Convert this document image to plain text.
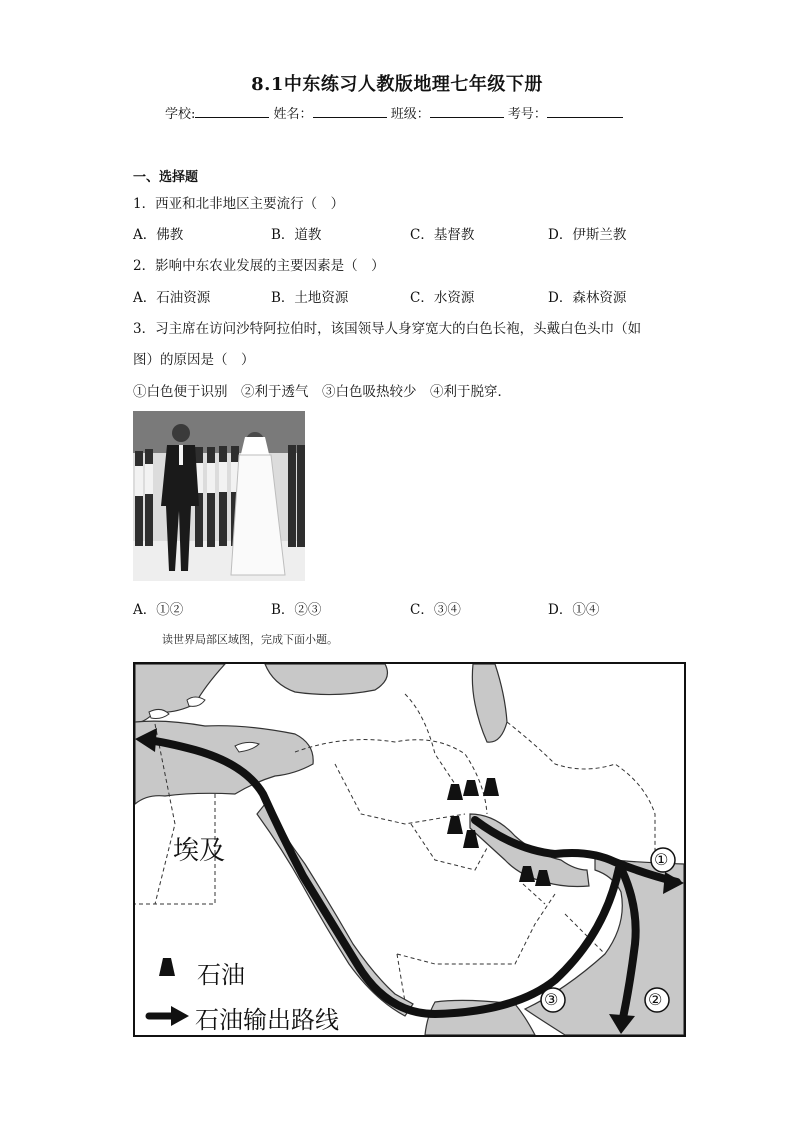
8.1中东练习人教版地理七年级下册
学校:	姓名：	班级：	考号：
一、选择题
1．西亚和北非地区主要流行（　）
A．佛教	B．道教	C．基督教	D．伊斯兰教
2．影响中东农业发展的主要因素是（　）
A．石油资源	B．土地资源	C．水资源	D．森林资源
3．习主席在访问沙特阿拉伯时，该国领导人身穿宽大的白色长袍，头戴白色头巾（如
图）的原因是（　）
①白色便于识别　②利于透气　③白色吸热较少　④利于脱穿．
A．①②	B．②③	C．③④	D．①④
读世界局部区域图，完成下面小题。
埃及
石油
石油输出路线
①
②
③
